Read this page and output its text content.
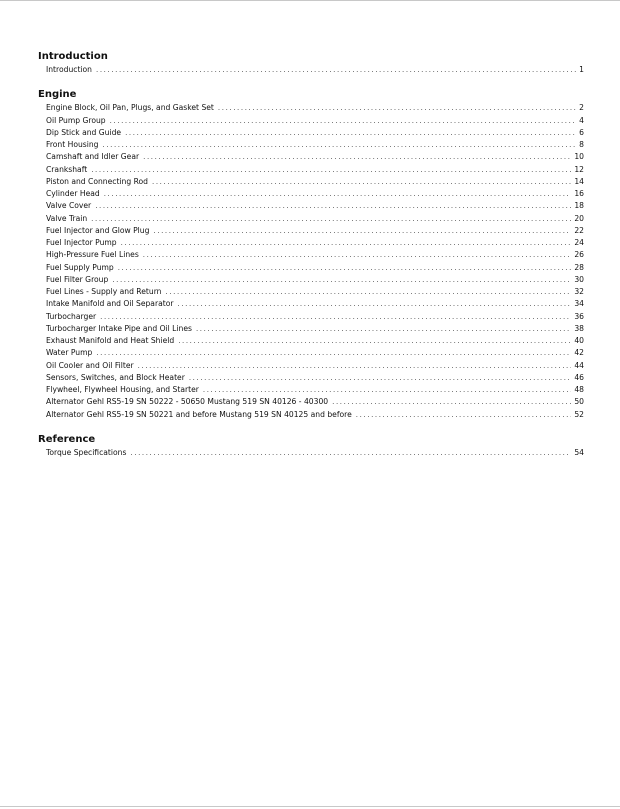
Introduction
Introduction .....	1
Engine
Engine Block, Oil Pan, Plugs, and Gasket Set .....	2
Oil Pump Group .....	4
Dip Stick and Guide .....	6
Front Housing .....	8
Camshaft and Idler Gear .....	10
Crankshaft .....	12
Piston and Connecting Rod .....	14
Cylinder Head .....	16
Valve Cover .....	18
Valve Train .....	20
Fuel Injector and Glow Plug .....	22
Fuel Injector Pump .....	24
High-Pressure Fuel Lines .....	26
Fuel Supply Pump .....	28
Fuel Filter Group .....	30
Fuel Lines - Supply and Return .....	32
Intake Manifold and Oil Separator .....	34
Turbocharger .....	36
Turbocharger Intake Pipe and Oil Lines .....	38
Exhaust Manifold and Heat Shield .....	40
Water Pump .....	42
Oil Cooler and Oil Filter .....	44
Sensors, Switches, and Block Heater .....	46
Flywheel, Flywheel Housing, and Starter .....	48
Alternator Gehl RS5-19 SN 50222 - 50650 Mustang 519 SN 40126 - 40300 .....	50
Alternator Gehl RS5-19 SN 50221 and before Mustang 519 SN 40125 and before .....	52
Reference
Torque Specifications .....	54
